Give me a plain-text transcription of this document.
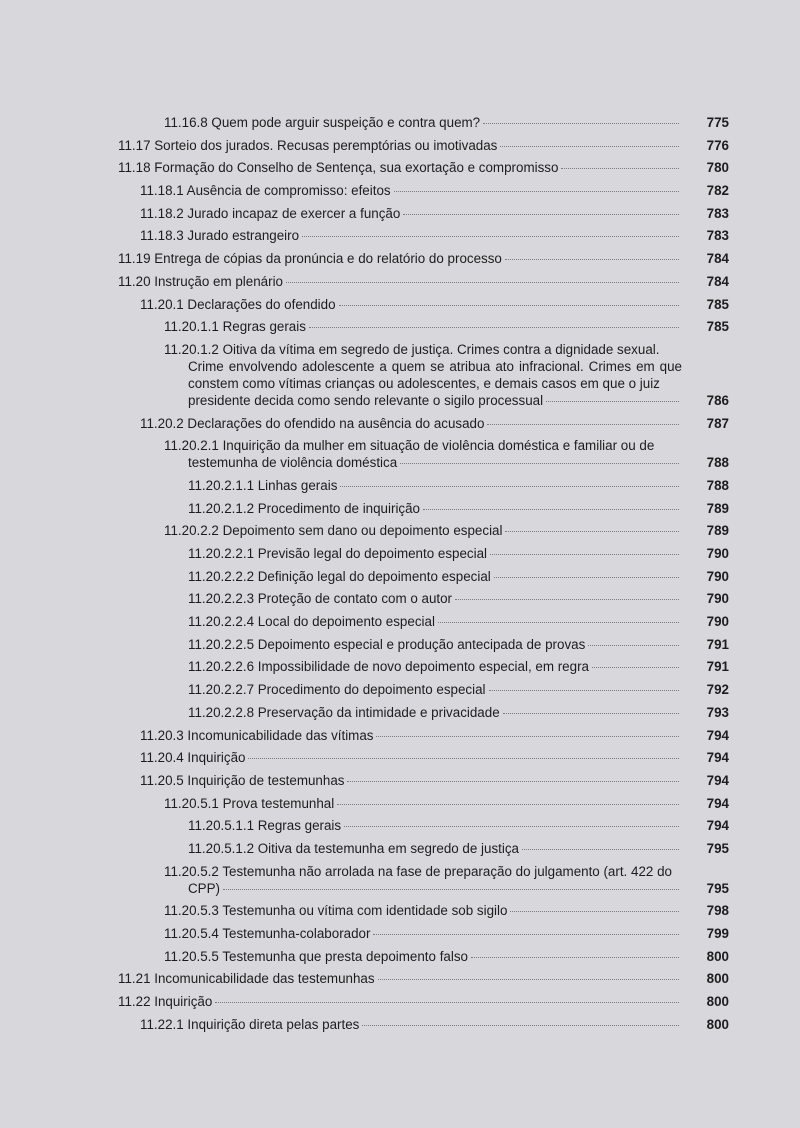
11.16.8 Quem pode arguir suspeição e contra quem?	775
11.17 Sorteio dos jurados. Recusas peremptórias ou imotivadas	776
11.18 Formação do Conselho de Sentença, sua exortação e compromisso	780
11.18.1 Ausência de compromisso: efeitos	782
11.18.2 Jurado incapaz de exercer a função	783
11.18.3 Jurado estrangeiro	783
11.19 Entrega de cópias da pronúncia e do relatório do processo	784
11.20 Instrução em plenário	784
11.20.1 Declarações do ofendido	785
11.20.1.1 Regras gerais	785
11.20.1.2 Oitiva da vítima em segredo de justiça. Crimes contra a dignidade sexual.
Crime envolvendo adolescente a quem se atribua ato infracional. Crimes em que constem como vítimas crianças ou adolescentes, e demais casos em que o juiz
presidente decida como sendo relevante o sigilo processual	786
11.20.2 Declarações do ofendido na ausência do acusado	787
11.20.2.1 Inquirição da mulher em situação de violência doméstica e familiar ou de
testemunha de violência doméstica	788
11.20.2.1.1 Linhas gerais	788
11.20.2.1.2 Procedimento de inquirição	789
11.20.2.2 Depoimento sem dano ou depoimento especial	789
11.20.2.2.1 Previsão legal do depoimento especial	790
11.20.2.2.2 Definição legal do depoimento especial	790
11.20.2.2.3 Proteção de contato com o autor	790
11.20.2.2.4 Local do depoimento especial	790
11.20.2.2.5 Depoimento especial e produção antecipada de provas	791
11.20.2.2.6 Impossibilidade de novo depoimento especial, em regra	791
11.20.2.2.7 Procedimento do depoimento especial	792
11.20.2.2.8 Preservação da intimidade e privacidade	793
11.20.3 Incomunicabilidade das vítimas	794
11.20.4 Inquirição	794
11.20.5 Inquirição de testemunhas	794
11.20.5.1 Prova testemunhal	794
11.20.5.1.1 Regras gerais	794
11.20.5.1.2 Oitiva da testemunha em segredo de justiça	795
11.20.5.2 Testemunha não arrolada na fase de preparação do julgamento (art. 422 do
CPP)	795
11.20.5.3 Testemunha ou vítima com identidade sob sigilo	798
11.20.5.4 Testemunha-colaborador	799
11.20.5.5 Testemunha que presta depoimento falso	800
11.21 Incomunicabilidade das testemunhas	800
11.22 Inquirição	800
11.22.1 Inquirição direta pelas partes	800
